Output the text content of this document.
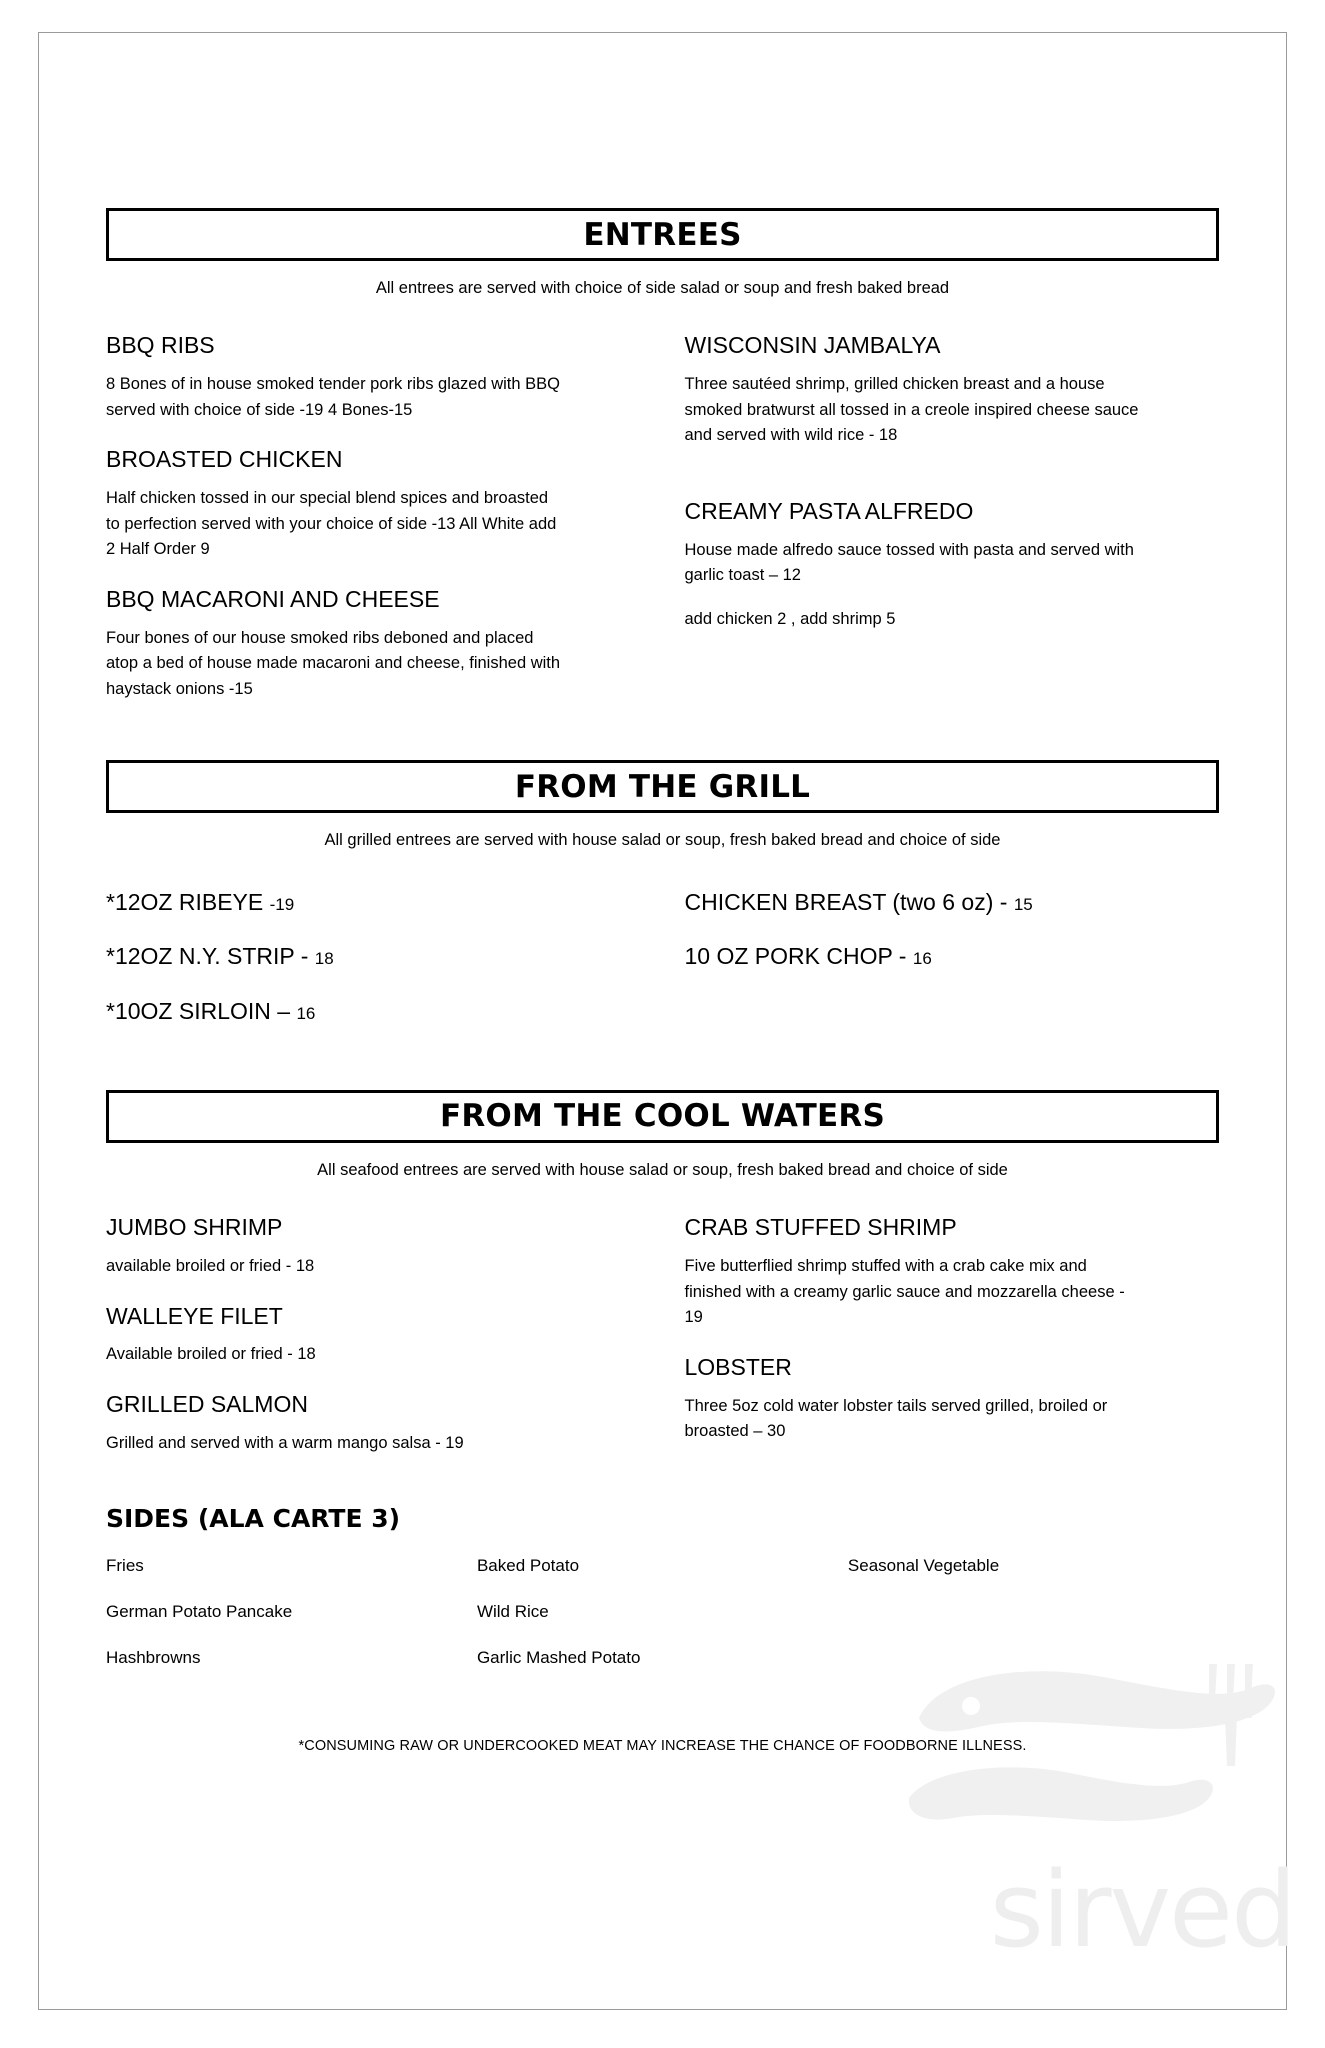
sirved
ENTREES

All entrees are served with choice of side salad or soup and fresh baked bread

BBQ RIBS

8 Bones of in house smoked tender pork ribs glazed with BBQ served with choice of side -19 4 Bones-15

BROASTED CHICKEN

Half chicken tossed in our special blend spices and broasted to perfection served with your choice of side -13 All White add 2 Half Order 9

BBQ MACARONI AND CHEESE

Four bones of our house smoked ribs deboned and placed atop a bed of house made macaroni and cheese, finished with haystack onions -15

WISCONSIN JAMBALYA

Three sautéed shrimp, grilled chicken breast and a house smoked bratwurst all tossed in a creole inspired cheese sauce and served with wild rice - 18

CREAMY PASTA ALFREDO

House made alfredo sauce tossed with pasta and served with garlic toast – 12

add chicken 2 , add shrimp 5

FROM THE GRILL

All grilled entrees are served with house salad or soup, fresh baked bread and choice of side

*12OZ RIBEYE -19

*12OZ N.Y. STRIP - 18

*10OZ SIRLOIN – 16

CHICKEN BREAST (two 6 oz) - 15

10 OZ PORK CHOP - 16

FROM THE COOL WATERS

All seafood entrees are served with house salad or soup, fresh baked bread and choice of side

JUMBO SHRIMP

available broiled or fried - 18

WALLEYE FILET

Available broiled or fried - 18

GRILLED SALMON

Grilled and served with a warm mango salsa - 19

CRAB STUFFED SHRIMP

Five butterflied shrimp stuffed with a crab cake mix and finished with a creamy garlic sauce and mozzarella cheese - 19

LOBSTER

Three 5oz cold water lobster tails served grilled, broiled or broasted – 30

SIDES (ALA CARTE 3)

Fries
German Potato Pancake
Hashbrowns
Baked Potato
Wild Rice
Garlic Mashed Potato
Seasonal Vegetable

*CONSUMING RAW OR UNDERCOOKED MEAT MAY INCREASE THE CHANCE OF FOODBORNE ILLNESS.
